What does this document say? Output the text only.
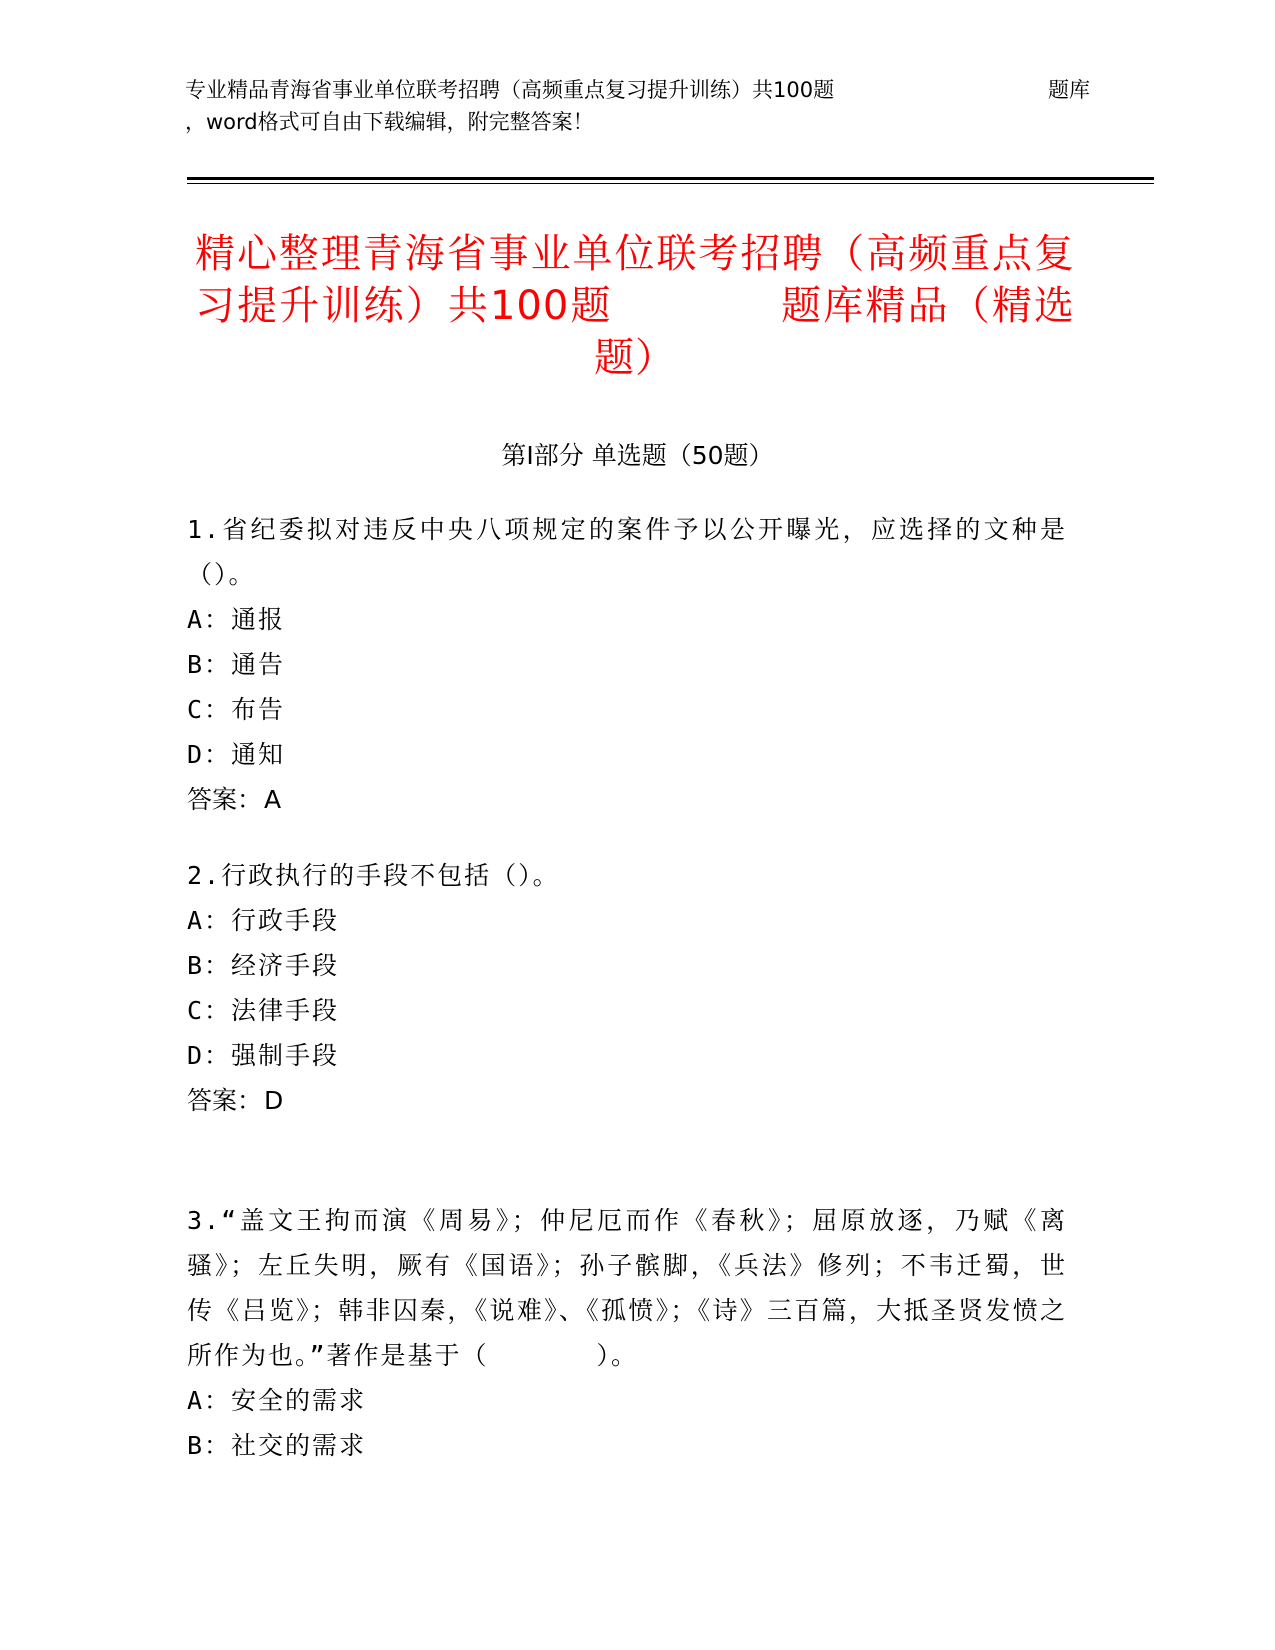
专业精品青海省事业单位联考招聘（高频重点复习提升训练）共100题	题库
，word格式可自由下载编辑，附完整答案！
精心整理青海省事业单位联考招聘（高频重点复习提升训练）共100题　　　　题库精品（精选题）
第Ⅰ部分 单选题（50题）

1.省纪委拟对违反中央八项规定的案件予以公开曝光，应选择的文种是（）。

A： 通报

B： 通告

C： 布告

D： 通知

答案：A

2.行政执行的手段不包括（）。

A： 行政手段

B： 经济手段

C： 法律手段

D： 强制手段

答案：D

3.“盖文王拘而演《周易》；仲尼厄而作《春秋》；屈原放逐，乃赋《离骚》；左丘失明，厥有《国语》；孙子髌脚，《兵法》修列；不韦迁蜀，世传《吕览》；韩非囚秦，《说难》、《孤愤》；《诗》三百篇，大抵圣贤发愤之所作为也。”著作是基于（　　　　）。

A： 安全的需求

B： 社交的需求
